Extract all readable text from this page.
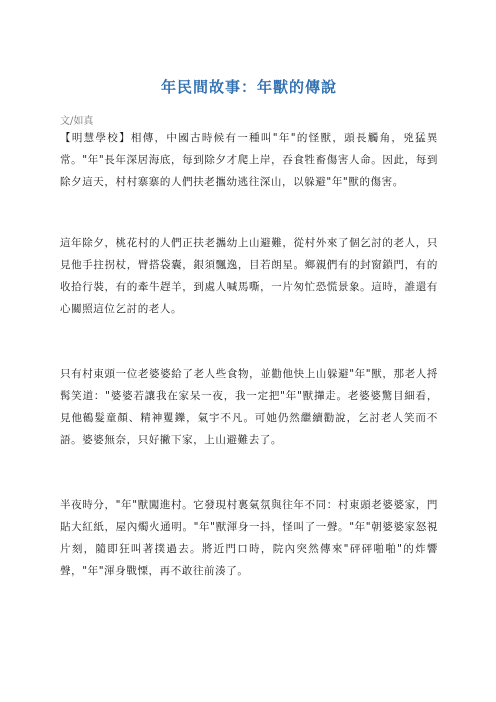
年民間故事：年獸的傳說
文/如真

【明慧學校】相傳，中國古時候有一種叫"年"的怪獸，頭長觸角，兇猛異常。"年"長年深居海底，每到除夕才爬上岸，吞食牲畜傷害人命。因此，每到除夕這天，村村寨寨的人們扶老攜幼逃往深山，以躲避"年"獸的傷害。

這年除夕，桃花村的人們正扶老攜幼上山避難，從村外來了個乞討的老人，只見他手拄拐杖，臂搭袋囊，銀須飄逸，目若朗星。鄉親們有的封窗鎖門，有的收拾行裝，有的牽牛趕羊，到處人喊馬嘶，一片匆忙恐慌景象。這時，誰還有心關照這位乞討的老人。

只有村東頭一位老婆婆給了老人些食物，並勸他快上山躲避"年"獸，那老人捋髯笑道："婆婆若讓我在家呆一夜，我一定把"年"獸攆走。老婆婆驚目細看，見他鶴髮童顏、精神矍鑠，氣宇不凡。可她仍然繼續勸說，乞討老人笑而不語。婆婆無奈，只好撇下家，上山避難去了。

半夜時分，"年"獸闖進村。它發現村裏氣氛與往年不同：村東頭老婆婆家，門貼大紅紙，屋內燭火通明。"年"獸渾身一抖，怪叫了一聲。"年"朝婆婆家怒視片刻，隨即狂叫著撲過去。將近門口時，院內突然傳來"砰砰啪啪"的炸響聲，"年"渾身戰慄，再不敢往前湊了。
